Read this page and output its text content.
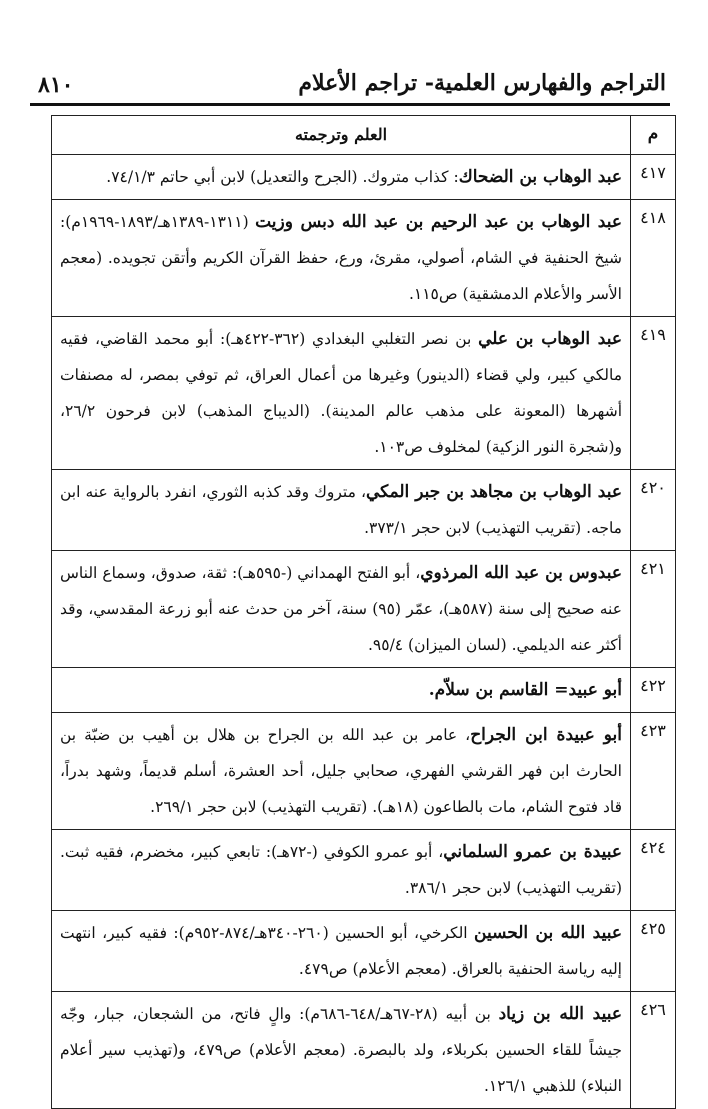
٨١٠	التراجم والفهارس العلمية- تراجم الأعلام
م
العلم وترجمته
٤١٧
عبد الوهاب بن الضحاك: كذاب متروك. (الجرح والتعديل) لابن أبي حاتم ٧٤/١/٣.
٤١٨
عبد الوهاب بن عبد الرحيم بن عبد الله دبس وزيت (١٣١١-١٣٨٩هـ/١٨٩٣-١٩٦٩م): شيخ الحنفية في الشام، أصولي، مقرئ، ورع، حفظ القرآن الكريم وأتقن تجويده. (معجم الأسر والأعلام الدمشقية) ص١١٥.
٤١٩
عبد الوهاب بن علي بن نصر التغلبي البغدادي (٣٦٢-٤٢٢هـ): أبو محمد القاضي، فقيه مالكي كبير، ولي قضاء (الدينور) وغيرها من أعمال العراق، ثم توفي بمصر، له مصنفات أشهرها (المعونة على مذهب عالم المدينة). (الديباج المذهب) لابن فرحون ٢٦/٢، و(شجرة النور الزكية) لمخلوف ص١٠٣.
٤٢٠
عبد الوهاب بن مجاهد بن جبر المكي، متروك وقد كذبه الثوري، انفرد بالرواية عنه ابن ماجه. (تقريب التهذيب) لابن حجر ٣٧٣/١.
٤٢١
عبدوس بن عبد الله المرذوي، أبو الفتح الهمداني (-٥٩٥هـ): ثقة، صدوق، وسماع الناس عنه صحيح إلى سنة (٥٨٧هـ)، عمّر (٩٥) سنة، آخر من حدث عنه أبو زرعة المقدسي، وقد أكثر عنه الديلمي. (لسان الميزان) ٩٥/٤.
٤٢٢
أبو عبيد= القاسم بن سلاّم.
٤٢٣
أبو عبيدة ابن الجراح، عامر بن عبد الله بن الجراح بن هلال بن أهيب بن ضبّة بن الحارث ابن فهر القرشي الفهري، صحابي جليل، أحد العشرة، أسلم قديماً، وشهد بدراً، قاد فتوح الشام، مات بالطاعون (١٨هـ). (تقريب التهذيب) لابن حجر ٢٦٩/١.
٤٢٤
عبيدة بن عمرو السلماني، أبو عمرو الكوفي (-٧٢هـ): تابعي كبير، مخضرم، فقيه ثبت. (تقريب التهذيب) لابن حجر ٣٨٦/١.
٤٢٥
عبيد الله بن الحسين الكرخي، أبو الحسين (٢٦٠-٣٤٠هـ/٨٧٤-٩٥٢م): فقيه كبير، انتهت إليه رياسة الحنفية بالعراق. (معجم الأعلام) ص٤٧٩.
٤٢٦
عبيد الله بن زياد بن أبيه (٢٨-٦٧هـ/٦٤٨-٦٨٦م): والٍ فاتح، من الشجعان، جبار، وجّه جيشاً للقاء الحسين بكربلاء، ولد بالبصرة. (معجم الأعلام) ص٤٧٩، و(تهذيب سير أعلام النبلاء) للذهبي ١٢٦/١.
